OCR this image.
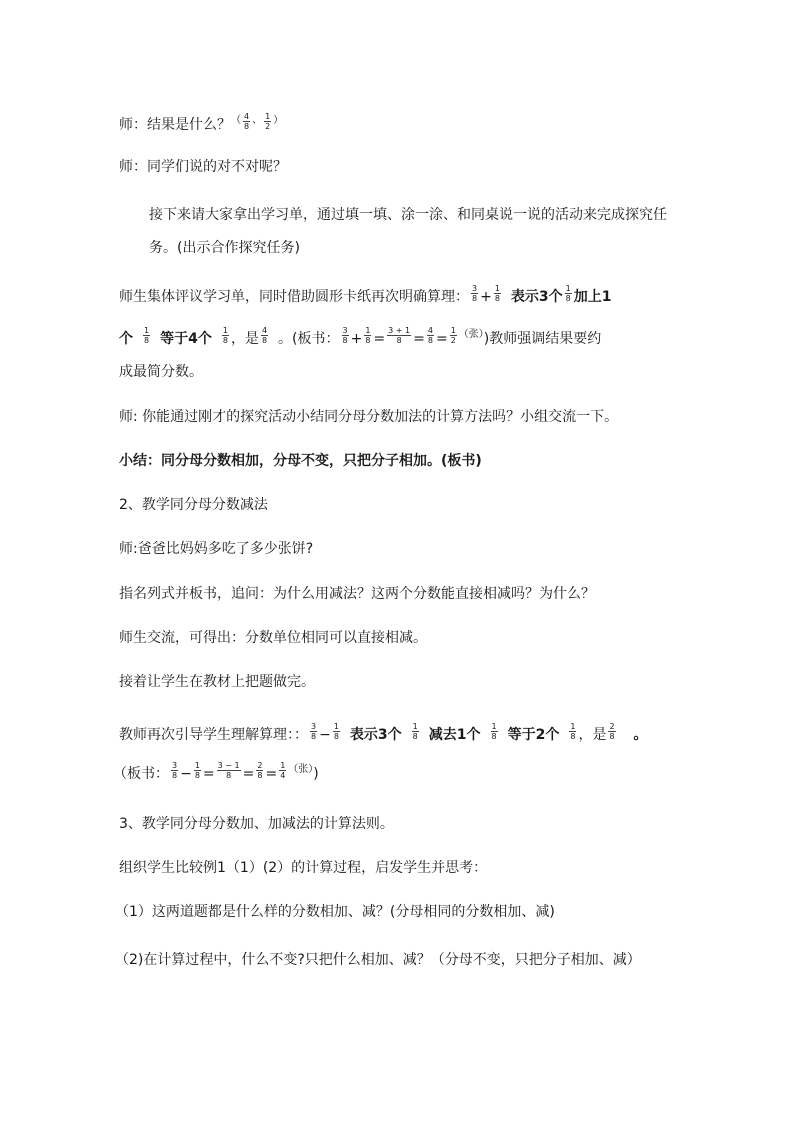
师：结果是什么？$^( \frac{4}{8} ^、 \frac{1}{2} ^)$
师：同学们说的对不对呢？
接下来请大家拿出学习单，通过填一填、涂一涂、和同桌说一说的活动来完成探究任务。(出示合作探究任务)
师生集体评议学习单，同时借助圆形卡纸再次明确算理： $\frac{3}{8} + \frac{1}{8}$ 表示3个 $\frac{1}{8}$ 加上1
个 $\frac{1}{8}$ 等于4个 $\frac{1}{8}$ ，是 $\frac{4}{8}$ 。(板书： $\frac{3}{8} + \frac{1}{8} = \frac{3 + 1}{8} = \frac{4}{8} = \frac{1}{2} ^{(张)}$)教师强调结果要约
成最简分数。
师: 你能通过刚才的探究活动小结同分母分数加法的计算方法吗？小组交流一下。
小结：同分母分数相加，分母不变，只把分子相加。(板书)
2、教学同分母分数减法
师:爸爸比妈妈多吃了多少张饼?
指名列式并板书，追问：为什么用减法？这两个分数能直接相减吗？为什么？
师生交流，可得出：分数单位相同可以直接相减。
接着让学生在教材上把题做完。
教师再次引导学生理解算理：： $\frac{3}{8} - \frac{1}{8}$ 表示3个 $\frac{1}{8}$ 减去1个 $\frac{1}{8}$ 等于2个 $\frac{1}{8}$ ，是 $\frac{2}{8}$ 。
（板书： $\frac{3}{8} - \frac{1}{8} = \frac{3 - 1}{8} = \frac{2}{8} = \frac{1}{4} ^{(张)}$)
3、教学同分母分数加、加减法的计算法则。
组织学生比较例1（1）(2）的计算过程，启发学生并思考：
（1）这两道题都是什么样的分数相加、减？(分母相同的分数相加、减)
（2)在计算过程中，什么不变?只把什么相加、减？（分母不变，只把分子相加、减）
